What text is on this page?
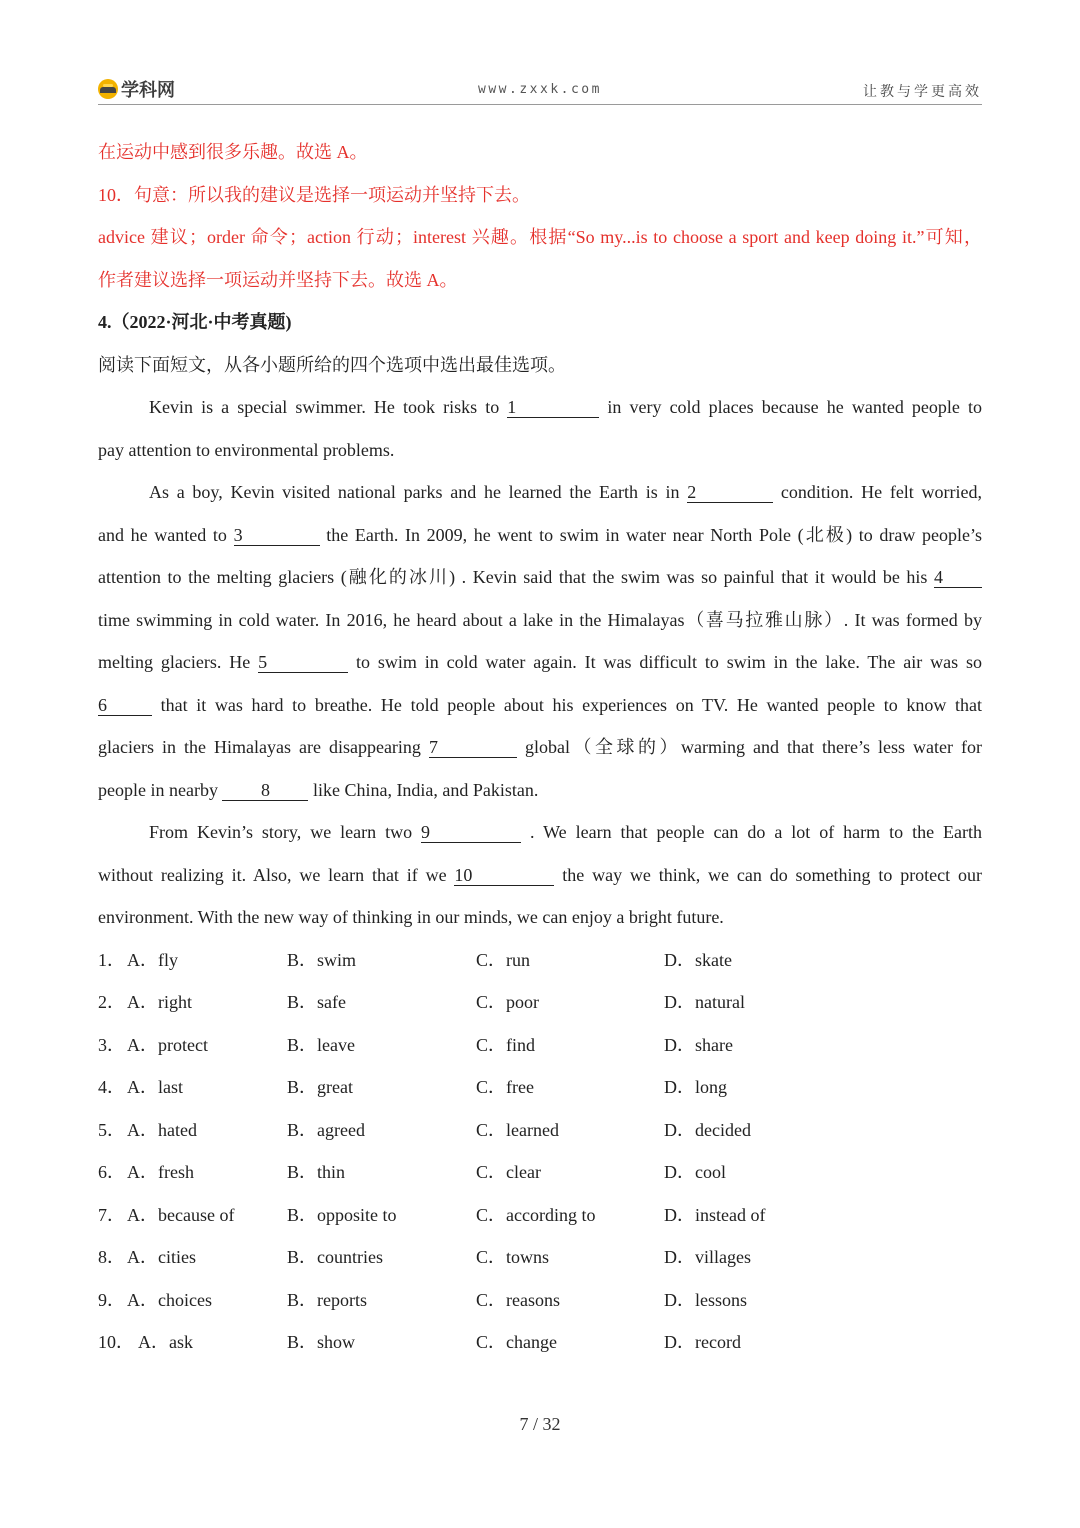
学科网	www.zxxk.com	让教与学更高效
在运动中感到很多乐趣。故选 A。
10．句意：所以我的建议是选择一项运动并坚持下去。
advice 建议；order 命令；action 行动；interest 兴趣。根据“So my...is to choose a sport and keep doing it.”可知，
作者建议选择一项运动并坚持下去。故选 A。
4.（2022·河北·中考真题)
阅读下面短文，从各小题所给的四个选项中选出最佳选项。
Kevin is a special swimmer. He took risks to 1	in very cold places because he wanted people to
pay attention to environmental problems.
As a boy, Kevin visited national parks and he learned the Earth is in 2	condition. He felt worried,
and he wanted to 3	the Earth. In 2009, he went to swim in water near North Pole (北极) to draw people’s
attention to the melting glaciers (融化的冰川) . Kevin said that the swim was so painful that it would be his 4
time swimming in cold water. In 2016, he heard about a lake in the Himalayas（喜马拉雅山脉）. It was formed by
melting glaciers. He 5	to swim in cold water again. It was difficult to swim in the lake. The air was so
6	that it was hard to breathe. He told people about his experiences on TV. He wanted people to know that
glaciers in the Himalayas are disappearing 7	global（全球的）warming and that there’s less water for
people in nearby 8 like China, India, and Pakistan.
From Kevin’s story, we learn two 9	. We learn that people can do a lot of harm to the Earth
without realizing it. Also, we learn that if we 10	the way we think, we can do something to protect our
environment. With the new way of thinking in our minds, we can enjoy a bright future.
1． A．fly	B．swim	C．run	D．skate
2． A．right	B．safe	C．poor	D．natural
3． A．protect	B．leave	C．find	D．share
4． A．last	B．great	C．free	D．long
5． A．hated	B．agreed	C．learned	D．decided
6． A．fresh	B．thin	C．clear	D．cool
7． A．because of	B．opposite to	C．according to	D．instead of
8． A．cities	B．countries	C．towns	D．villages
9． A．choices	B．reports	C．reasons	D．lessons
10． A．ask	B．show	C．change	D．record
7 / 32
